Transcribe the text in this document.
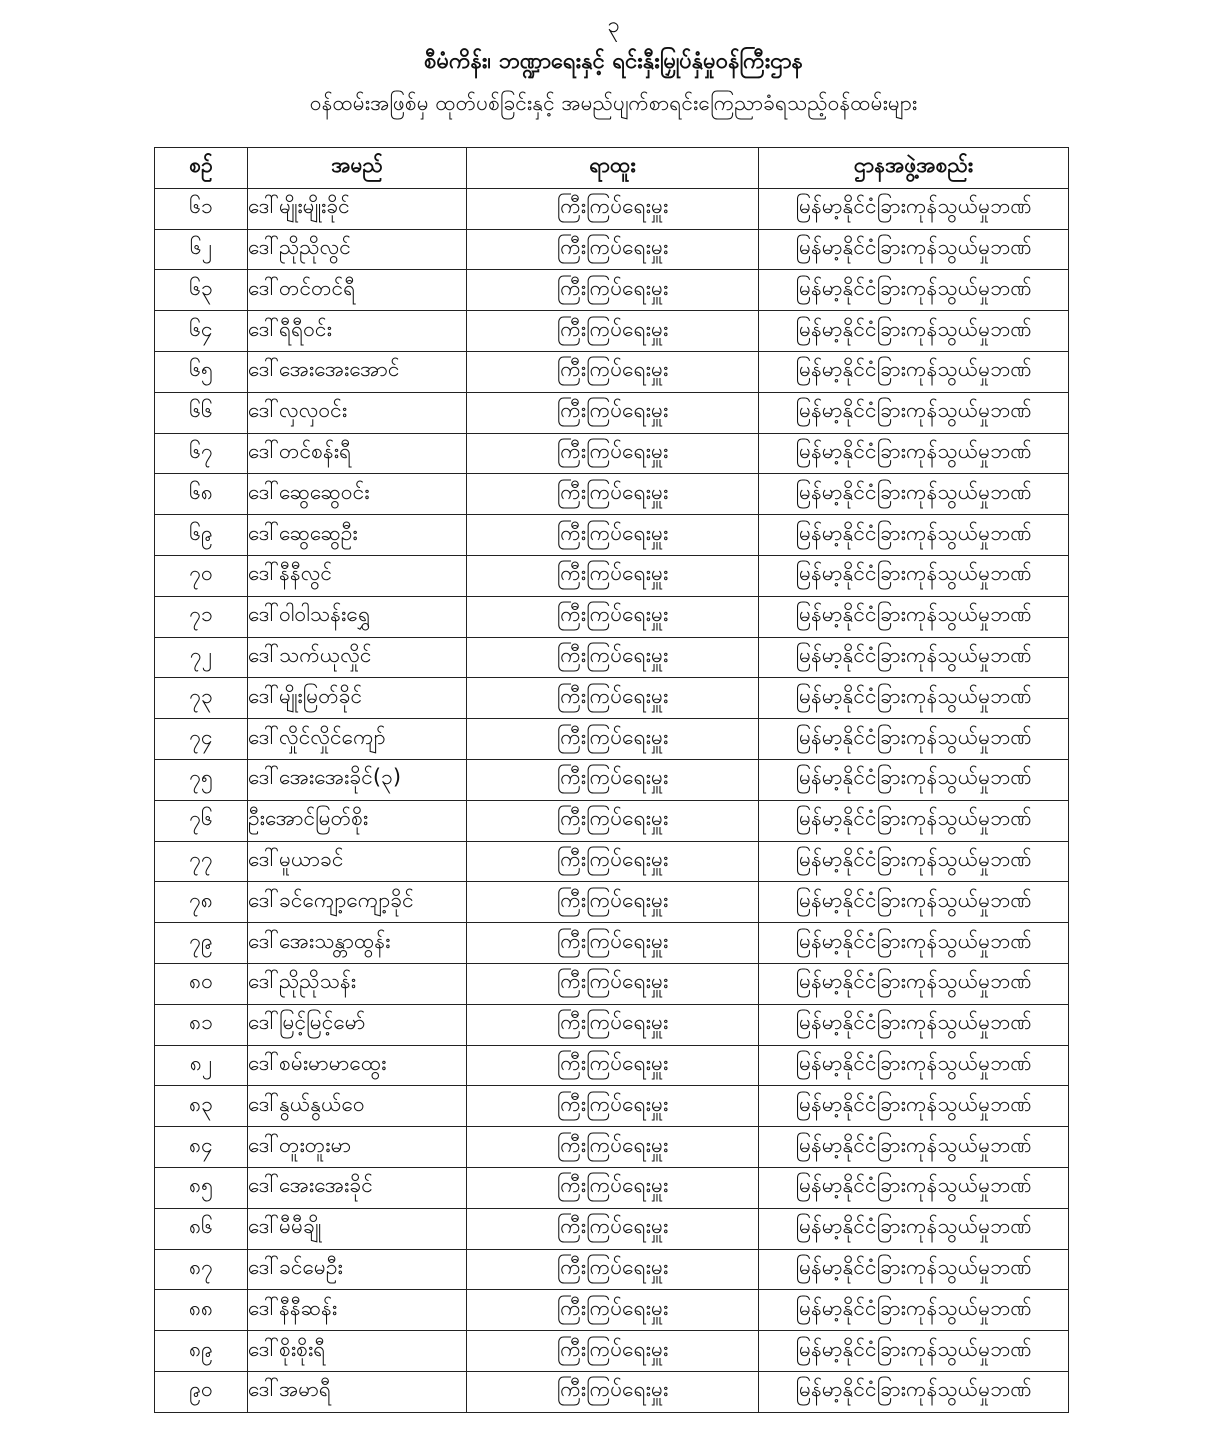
၃
စီမံကိန်း၊ ဘဏ္ဍာရေးနှင့် ရင်းနှီးမြှုပ်နှံမှုဝန်ကြီးဌာန
ဝန်ထမ်းအဖြစ်မှ ထုတ်ပစ်ခြင်းနှင့် အမည်ပျက်စာရင်းကြေညာခံရသည့်ဝန်ထမ်းများ
စဉ်	အမည်	ရာထူး	ဌာနအဖွဲ့အစည်း
၆၁	ဒေါ်မျိုးမျိုးခိုင်	ကြီးကြပ်ရေးမှူး	မြန်မာ့နိုင်ငံခြားကုန်သွယ်မှုဘဏ်
၆၂	ဒေါ်ညိုညိုလွင်	ကြီးကြပ်ရေးမှူး	မြန်မာ့နိုင်ငံခြားကုန်သွယ်မှုဘဏ်
၆၃	ဒေါ်တင်တင်ရီ	ကြီးကြပ်ရေးမှူး	မြန်မာ့နိုင်ငံခြားကုန်သွယ်မှုဘဏ်
၆၄	ဒေါ်ရီရီဝင်း	ကြီးကြပ်ရေးမှူး	မြန်မာ့နိုင်ငံခြားကုန်သွယ်မှုဘဏ်
၆၅	ဒေါ်အေးအေးအောင်	ကြီးကြပ်ရေးမှူး	မြန်မာ့နိုင်ငံခြားကုန်သွယ်မှုဘဏ်
၆၆	ဒေါ်လှလှဝင်း	ကြီးကြပ်ရေးမှူး	မြန်မာ့နိုင်ငံခြားကုန်သွယ်မှုဘဏ်
၆၇	ဒေါ်တင်စန်းရီ	ကြီးကြပ်ရေးမှူး	မြန်မာ့နိုင်ငံခြားကုန်သွယ်မှုဘဏ်
၆၈	ဒေါ်ဆွေဆွေဝင်း	ကြီးကြပ်ရေးမှူး	မြန်မာ့နိုင်ငံခြားကုန်သွယ်မှုဘဏ်
၆၉	ဒေါ်ဆွေဆွေဦး	ကြီးကြပ်ရေးမှူး	မြန်မာ့နိုင်ငံခြားကုန်သွယ်မှုဘဏ်
၇၀	ဒေါ်နီနီလွင်	ကြီးကြပ်ရေးမှူး	မြန်မာ့နိုင်ငံခြားကုန်သွယ်မှုဘဏ်
၇၁	ဒေါ်ဝါဝါသန်းရွှေ	ကြီးကြပ်ရေးမှူး	မြန်မာ့နိုင်ငံခြားကုန်သွယ်မှုဘဏ်
၇၂	ဒေါ်သက်ယုလှိုင်	ကြီးကြပ်ရေးမှူး	မြန်မာ့နိုင်ငံခြားကုန်သွယ်မှုဘဏ်
၇၃	ဒေါ်မျိုးမြတ်ခိုင်	ကြီးကြပ်ရေးမှူး	မြန်မာ့နိုင်ငံခြားကုန်သွယ်မှုဘဏ်
၇၄	ဒေါ်လှိုင်လှိုင်ကျော်	ကြီးကြပ်ရေးမှူး	မြန်မာ့နိုင်ငံခြားကုန်သွယ်မှုဘဏ်
၇၅	ဒေါ်အေးအေးခိုင်(၃)	ကြီးကြပ်ရေးမှူး	မြန်မာ့နိုင်ငံခြားကုန်သွယ်မှုဘဏ်
၇၆	ဦးအောင်မြတ်စိုး	ကြီးကြပ်ရေးမှူး	မြန်မာ့နိုင်ငံခြားကုန်သွယ်မှုဘဏ်
၇၇	ဒေါ်မူယာခင်	ကြီးကြပ်ရေးမှူး	မြန်မာ့နိုင်ငံခြားကုန်သွယ်မှုဘဏ်
၇၈	ဒေါ်ခင်ကျော့ကျော့ခိုင်	ကြီးကြပ်ရေးမှူး	မြန်မာ့နိုင်ငံခြားကုန်သွယ်မှုဘဏ်
၇၉	ဒေါ်အေးသန္တာထွန်း	ကြီးကြပ်ရေးမှူး	မြန်မာ့နိုင်ငံခြားကုန်သွယ်မှုဘဏ်
၈၀	ဒေါ်ညိုညိုသန်း	ကြီးကြပ်ရေးမှူး	မြန်မာ့နိုင်ငံခြားကုန်သွယ်မှုဘဏ်
၈၁	ဒေါ်မြင့်မြင့်မော်	ကြီးကြပ်ရေးမှူး	မြန်မာ့နိုင်ငံခြားကုန်သွယ်မှုဘဏ်
၈၂	ဒေါ်စမ်းမာမာထွေး	ကြီးကြပ်ရေးမှူး	မြန်မာ့နိုင်ငံခြားကုန်သွယ်မှုဘဏ်
၈၃	ဒေါ်နွယ်နွယ်ဝေ	ကြီးကြပ်ရေးမှူး	မြန်မာ့နိုင်ငံခြားကုန်သွယ်မှုဘဏ်
၈၄	ဒေါ်တူးတူးမာ	ကြီးကြပ်ရေးမှူး	မြန်မာ့နိုင်ငံခြားကုန်သွယ်မှုဘဏ်
၈၅	ဒေါ်အေးအေးခိုင်	ကြီးကြပ်ရေးမှူး	မြန်မာ့နိုင်ငံခြားကုန်သွယ်မှုဘဏ်
၈၆	ဒေါ်မီမီချို	ကြီးကြပ်ရေးမှူး	မြန်မာ့နိုင်ငံခြားကုန်သွယ်မှုဘဏ်
၈၇	ဒေါ်ခင်မေဦး	ကြီးကြပ်ရေးမှူး	မြန်မာ့နိုင်ငံခြားကုန်သွယ်မှုဘဏ်
၈၈	ဒေါ်နီနီဆန်း	ကြီးကြပ်ရေးမှူး	မြန်မာ့နိုင်ငံခြားကုန်သွယ်မှုဘဏ်
၈၉	ဒေါ်စိုးစိုးရီ	ကြီးကြပ်ရေးမှူး	မြန်မာ့နိုင်ငံခြားကုန်သွယ်မှုဘဏ်
၉၀	ဒေါ်အမာရီ	ကြီးကြပ်ရေးမှူး	မြန်မာ့နိုင်ငံခြားကုန်သွယ်မှုဘဏ်
